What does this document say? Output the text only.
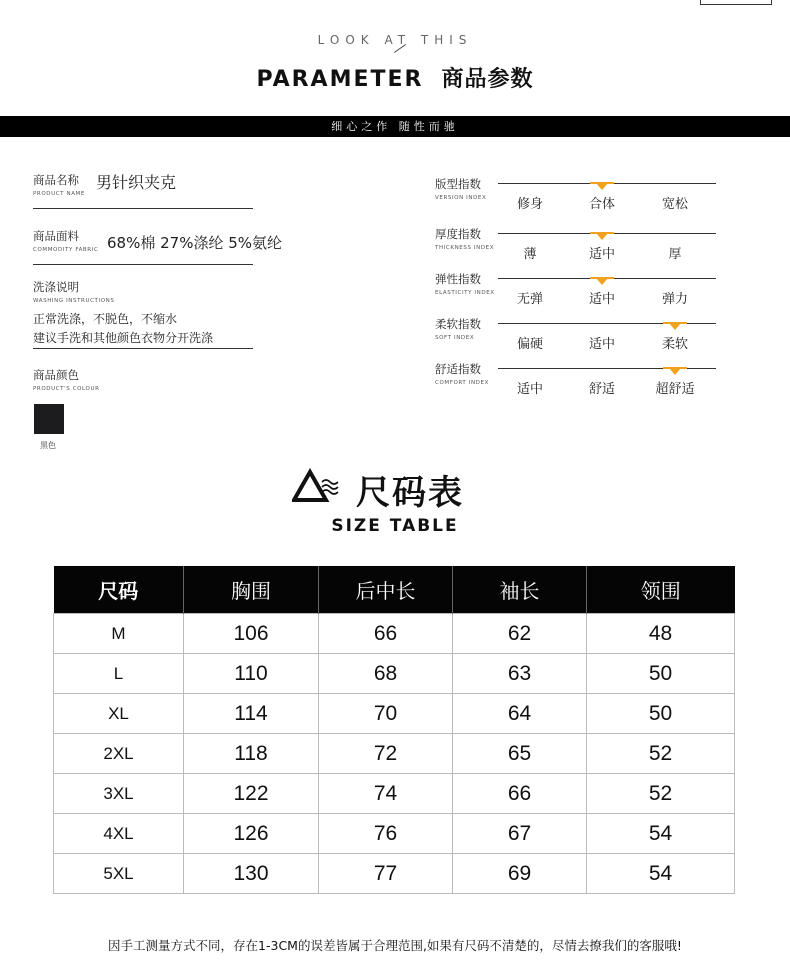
LOOK AT THIS
PARAMETER 商品参数
细心之作 随性而驰
商品名称
PRODUCT NAME
男针织夹克
商品面料
COMMODITY FABRIC 68%棉 27%涤纶 5%氨纶
洗涤说明
WASHING INSTRUCTIONS
正常洗涤，不脱色，不缩水
建议手洗和其他颜色衣物分开洗涤
商品颜色
PRODUCT'S COLOUR
黑色
版型指数
VERSION INDEX	修身	合体	宽松
厚度指数
THICKNESS INDEX	薄	适中	厚
弹性指数
ELASTICITY INDEX	无弹	适中	弹力
柔软指数
SOFT INDEX	偏硬	适中	柔软
舒适指数
COMFORT INDEX	适中	舒适	超舒适
尺码表
SIZE TABLE
尺码	胸围	后中长	袖长	领围
M	106	66	62	48
L	110	68	63	50
XL	114	70	64	50
2XL	118	72	65	52
3XL	122	74	66	52
4XL	126	76	67	54
5XL	130	77	69	54
因手工测量方式不同，存在1-3CM的误差皆属于合理范围,如果有尺码不清楚的，尽情去撩我们的客服哦!
